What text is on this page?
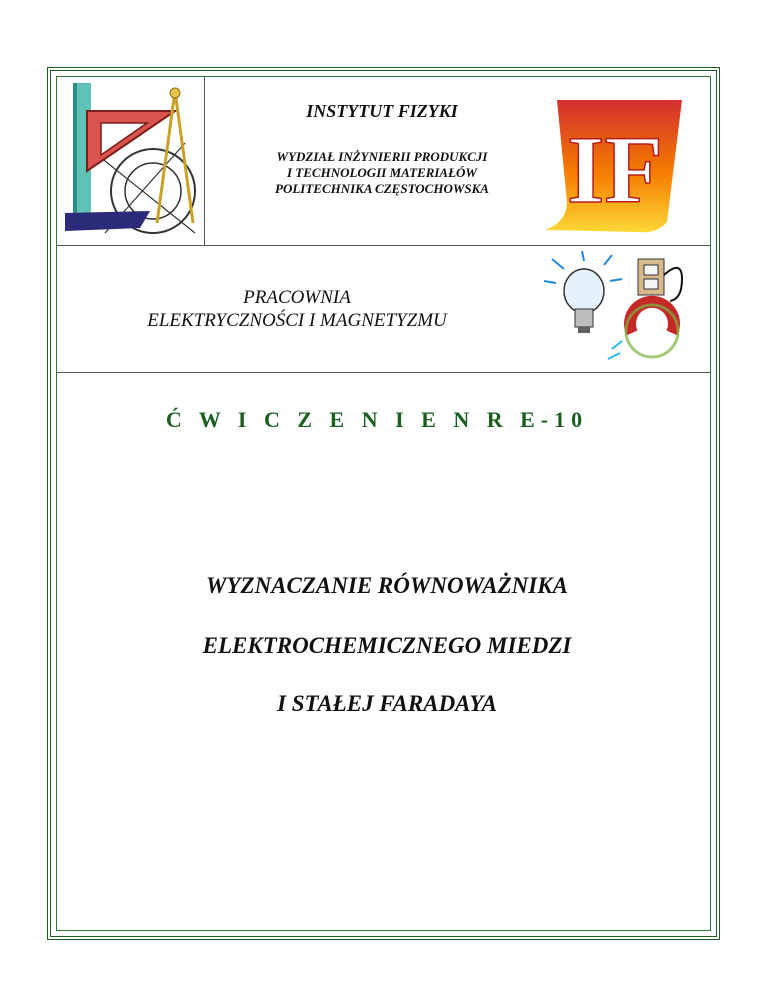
INSTYTUT FIZYKI
WYDZIAŁ INŻYNIERII PRODUKCJI
I TECHNOLOGII MATERIAŁÓW
POLITECHNIKA CZĘSTOCHOWSKA IF
PRACOWNIA
ELEKTRYCZNOŚCI I MAGNETYZMU
Ć W I C Z E N I E N R E-10
WYZNACZANIE RÓWNOWAŻNIKA
ELEKTROCHEMICZNEGO MIEDZI
I STAŁEJ FARADAYA
